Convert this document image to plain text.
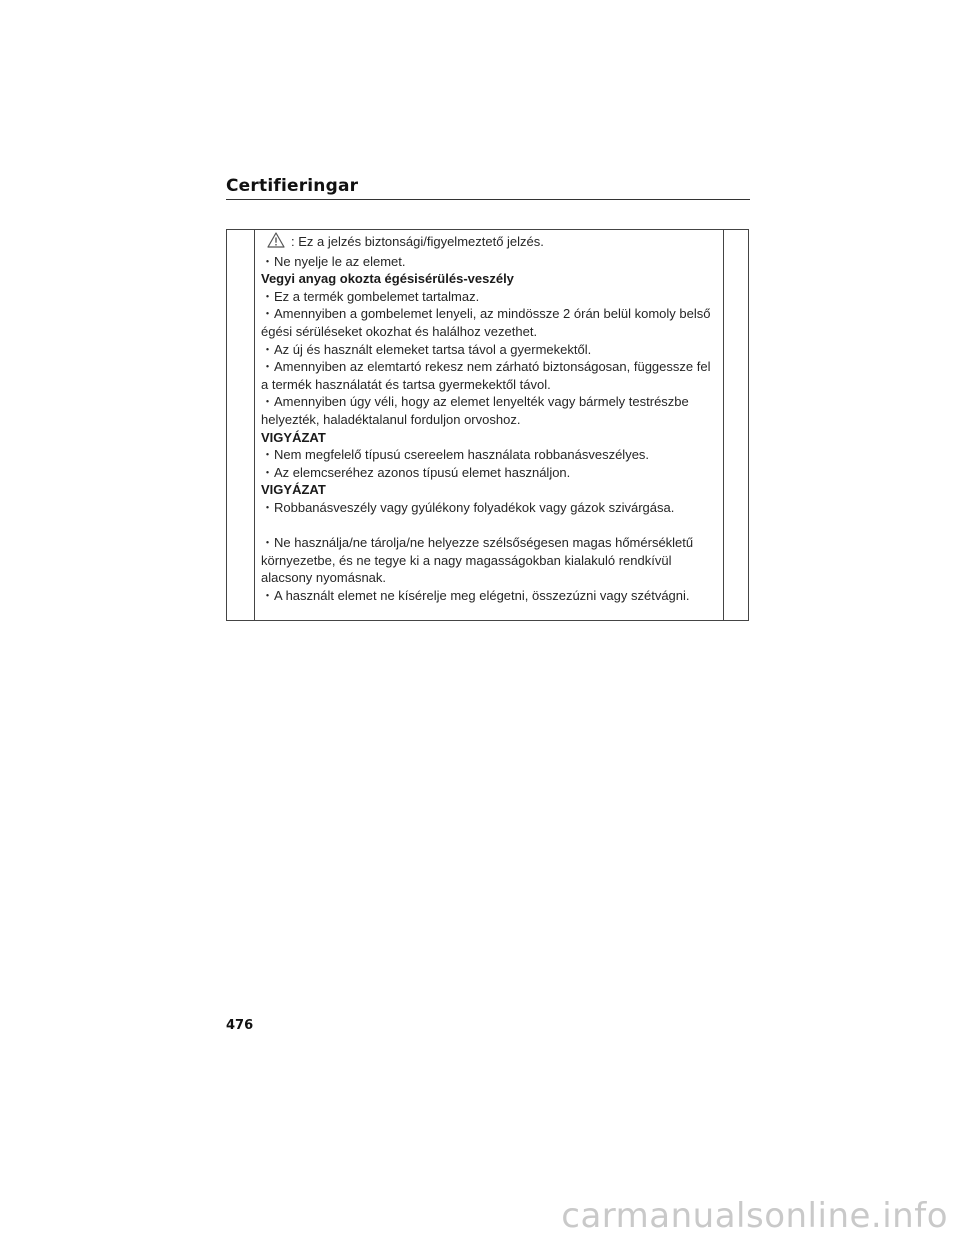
Certifieringar
: Ez a jelzés biztonsági/figyelmeztető jelzés.
・Ne nyelje le az elemet.
Vegyi anyag okozta égésisérülés-veszély
・Ez a termék gombelemet tartalmaz.
・Amennyiben a gombelemet lenyeli, az mindössze 2 órán belül komoly belső
égési sérüléseket okozhat és halálhoz vezethet.
・Az új és használt elemeket tartsa távol a gyermekektől.
・Amennyiben az elemtartó rekesz nem zárható biztonságosan, függessze fel
a termék használatát és tartsa gyermekektől távol.
・Amennyiben úgy véli, hogy az elemet lenyelték vagy bármely testrészbe
helyezték, haladéktalanul forduljon orvoshoz.
VIGYÁZAT
・Nem megfelelő típusú csereelem használata robbanásveszélyes.
・Az elemcseréhez azonos típusú elemet használjon.
VIGYÁZAT
・Robbanásveszély vagy gyúlékony folyadékok vagy gázok szivárgása.
・Ne használja/ne tárolja/ne helyezze szélsőségesen magas hőmérsékletű
környezetbe, és ne tegye ki a nagy magasságokban kialakuló rendkívül
alacsony nyomásnak.
・A használt elemet ne kísérelje meg elégetni, összezúzni vagy szétvágni.
476
carmanualsonline.info
